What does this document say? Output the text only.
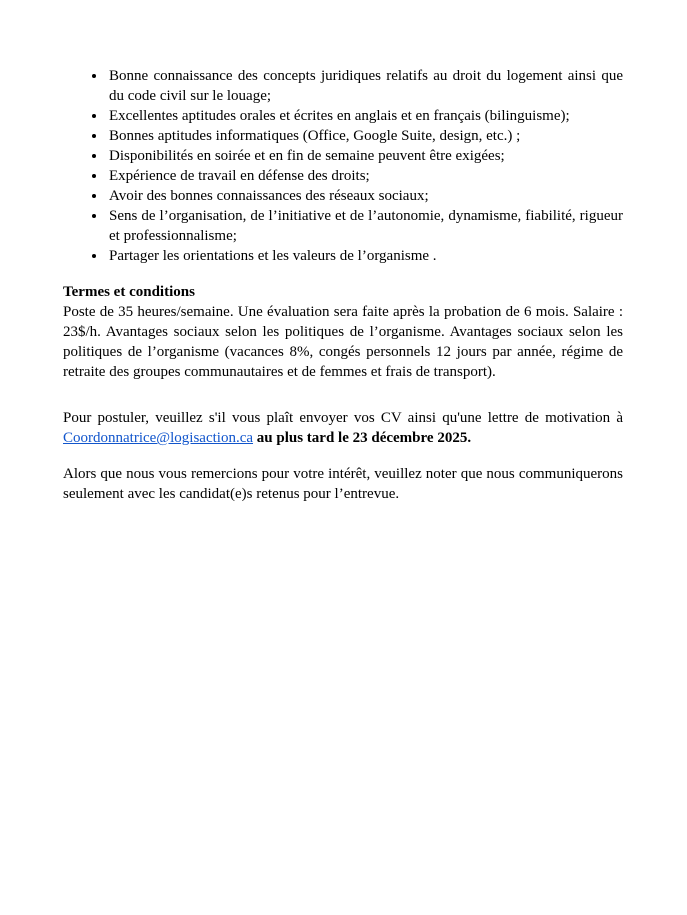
• Bonne connaissance des concepts juridiques relatifs au droit du logement ainsi que du code civil sur le louage;
• Excellentes aptitudes orales et écrites en anglais et en français (bilinguisme);
• Bonnes aptitudes informatiques (Office, Google Suite, design, etc.) ;
• Disponibilités en soirée et en fin de semaine peuvent être exigées;
• Expérience de travail en défense des droits;
• Avoir des bonnes connaissances des réseaux sociaux;
• Sens de l’organisation, de l’initiative et de l’autonomie, dynamisme, fiabilité, rigueur et professionnalisme;
• Partager les orientations et les valeurs de l’organisme .

Termes et conditions

Poste de 35 heures/semaine. Une évaluation sera faite après la probation de 6 mois. Salaire : 23$/h. Avantages sociaux selon les politiques de l’organisme. Avantages sociaux selon les politiques de l’organisme (vacances 8%, congés personnels 12 jours par année, régime de retraite des groupes communautaires et de femmes et frais de transport).

Pour postuler, veuillez s'il vous plaît envoyer vos CV ainsi qu'une lettre de motivation à Coordonnatrice@logisaction.ca au plus tard le 23 décembre 2025.

Alors que nous vous remercions pour votre intérêt, veuillez noter que nous communiquerons seulement avec les candidat(e)s retenus pour l’entrevue.
